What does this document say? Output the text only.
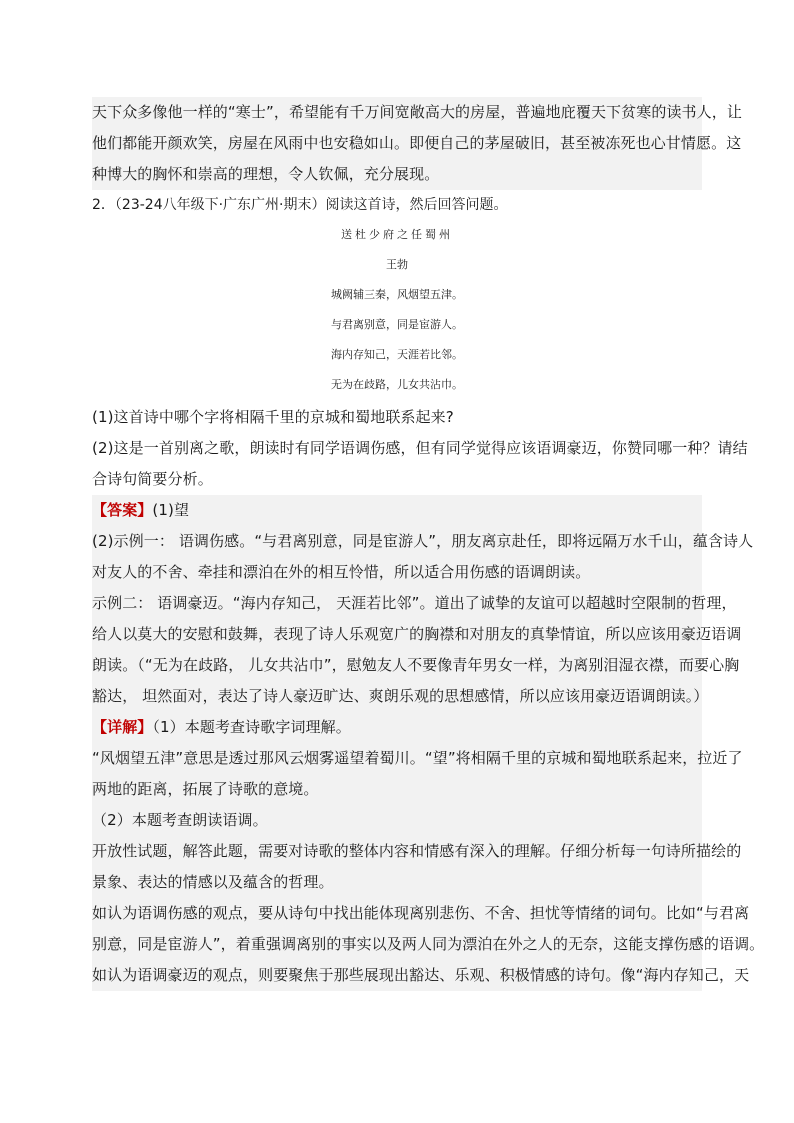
天下众多像他一样的“寒士”，希望能有千万间宽敞高大的房屋，普遍地庇覆天下贫寒的读书人，让
他们都能开颜欢笑，房屋在风雨中也安稳如山。即便自己的茅屋破旧，甚至被冻死也心甘情愿。这
种博大的胸怀和崇高的理想，令人钦佩，充分展现。
2．（23-24八年级下·广东广州·期末）阅读这首诗，然后回答问题。
送杜少府之任蜀州
王勃
城阙辅三秦，风烟望五津。
与君离别意，同是宦游人。
海内存知己，天涯若比邻。
无为在歧路，儿女共沾巾。
(1)这首诗中哪个字将相隔千里的京城和蜀地联系起来?
(2)这是一首别离之歌，朗读时有同学语调伤感，但有同学觉得应该语调豪迈，你赞同哪一种？请结
合诗句简要分析。
【答案】(1)望
(2)示例一： 语调伤感。“与君离别意，同是宦游人”，朋友离京赴任，即将远隔万水千山，蕴含诗人
对友人的不舍、牵挂和漂泊在外的相互怜惜，所以适合用伤感的语调朗读。
示例二： 语调豪迈。“海内存知己， 天涯若比邻”。道出了诚挚的友谊可以超越时空限制的哲理，
给人以莫大的安慰和鼓舞，表现了诗人乐观宽广的胸襟和对朋友的真挚情谊，所以应该用豪迈语调
朗读。（“无为在歧路， 儿女共沾巾”，慰勉友人不要像青年男女一样，为离别泪湿衣襟，而要心胸
豁达， 坦然面对，表达了诗人豪迈旷达、爽朗乐观的思想感情，所以应该用豪迈语调朗读。）
【详解】（1）本题考查诗歌字词理解。
“风烟望五津”意思是透过那风云烟雾遥望着蜀川。“望”将相隔千里的京城和蜀地联系起来，拉近了
两地的距离，拓展了诗歌的意境。
（2）本题考查朗读语调。
开放性试题，解答此题，需要对诗歌的整体内容和情感有深入的理解。仔细分析每一句诗所描绘的
景象、表达的情感以及蕴含的哲理。
如认为语调伤感的观点，要从诗句中找出能体现离别悲伤、不舍、担忧等情绪的词句。比如“与君离
别意，同是宦游人”，着重强调离别的事实以及两人同为漂泊在外之人的无奈，这能支撑伤感的语调。
如认为语调豪迈的观点，则要聚焦于那些展现出豁达、乐观、积极情感的诗句。像“海内存知己，天
